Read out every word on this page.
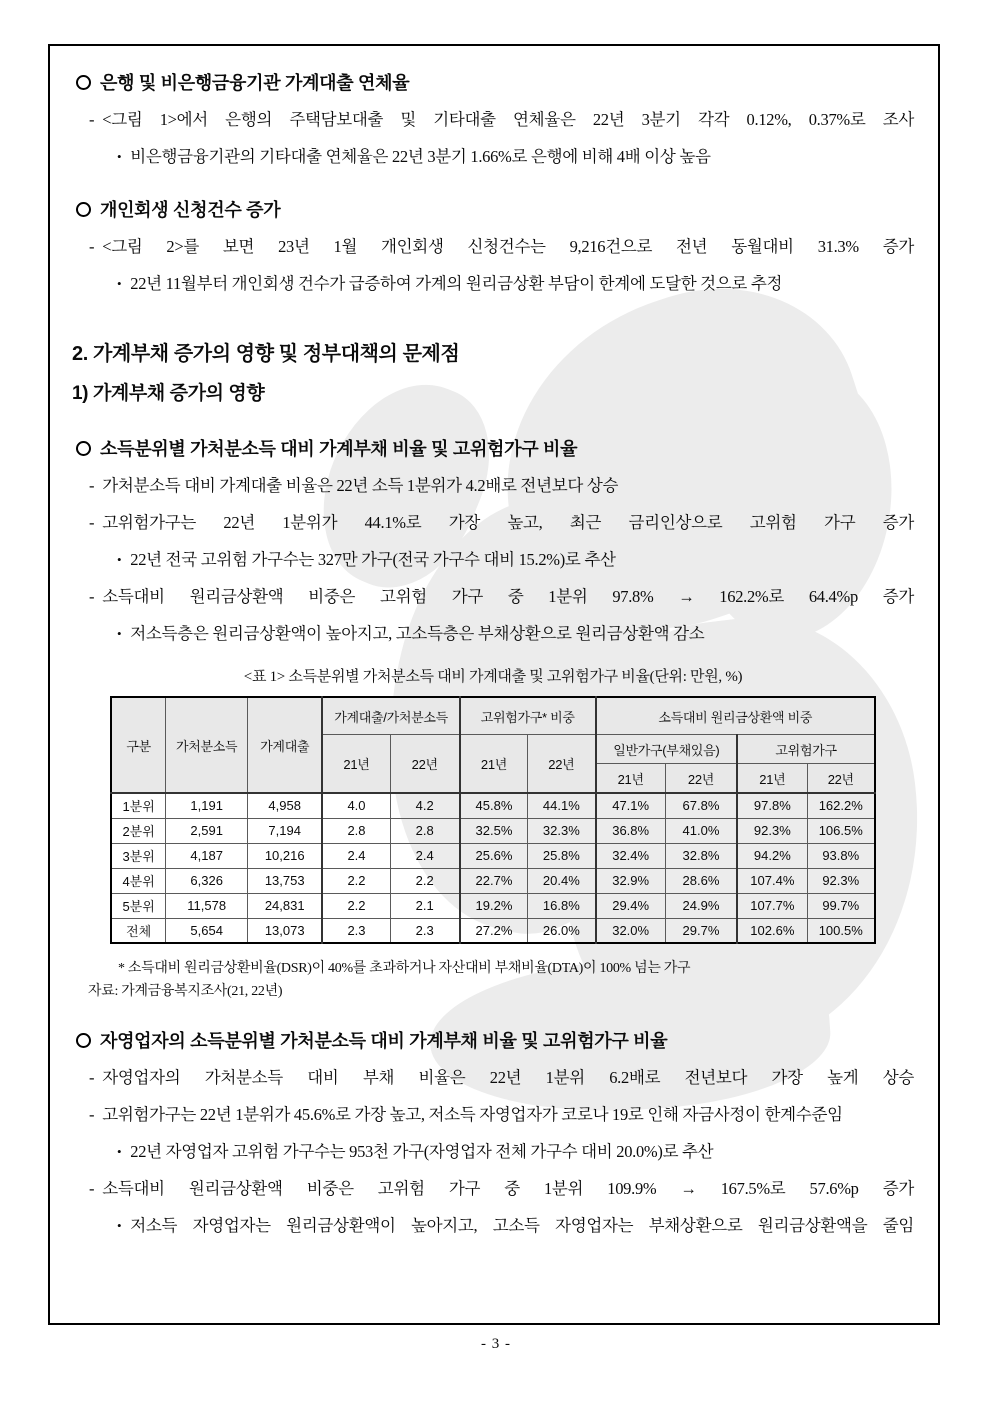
은행 및 비은행금융기관 가계대출 연체율

- <그림 1>에서 은행의 주택담보대출 및 기타대출 연체율은 22년 3분기 각각 0.12%, 0.37%로 조사

• 비은행금융기관의 기타대출 연체율은 22년 3분기 1.66%로 은행에 비해 4배 이상 높음

개인회생 신청건수 증가

- <그림 2>를 보면 23년 1월 개인회생 신청건수는 9,216건으로 전년 동월대비 31.3% 증가

• 22년 11월부터 개인회생 건수가 급증하여 가계의 원리금상환 부담이 한계에 도달한 것으로 추정

2. 가계부채 증가의 영향 및 정부대책의 문제점

1) 가계부채 증가의 영향

소득분위별 가처분소득 대비 가계부채 비율 및 고위험가구 비율

- 가처분소득 대비 가계대출 비율은 22년 소득 1분위가 4.2배로 전년보다 상승

- 고위험가구는 22년 1분위가 44.1%로 가장 높고, 최근 금리인상으로 고위험 가구 증가

• 22년 전국 고위험 가구수는 327만 가구(전국 가구수 대비 15.2%)로 추산

- 소득대비 원리금상환액 비중은 고위험 가구 중 1분위 97.8% → 162.2%로 64.4%p 증가

• 저소득층은 원리금상환액이 높아지고, 고소득층은 부채상환으로 원리금상환액 감소

<표 1> 소득분위별 가처분소득 대비 가계대출 및 고위험가구 비율(단위: 만원, %)

구분	가처분소득	가계대출	가계대출/가처분소득		고위험가구* 비중		소득대비 원리금상환액 비중			
			21년	22년	21년	22년	일반가구(부채있음)		고위험가구	
							21년	22년	21년	22년
1분위	1,191	4,958	4.0	4.2	45.8%	44.1%	47.1%	67.8%	97.8%	162.2%
2분위	2,591	7,194	2.8	2.8	32.5%	32.3%	36.8%	41.0%	92.3%	106.5%
3분위	4,187	10,216	2.4	2.4	25.6%	25.8%	32.4%	32.8%	94.2%	93.8%
4분위	6,326	13,753	2.2	2.2	22.7%	20.4%	32.9%	28.6%	107.4%	92.3%
5분위	11,578	24,831	2.2	2.1	19.2%	16.8%	29.4%	24.9%	107.7%	99.7%
전체	5,654	13,073	2.3	2.3	27.2%	26.0%	32.0%	29.7%	102.6%	100.5%

* 소득대비 원리금상환비율(DSR)이 40%를 초과하거나 자산대비 부채비율(DTA)이 100% 넘는 가구

자료: 가계금융복지조사(21, 22년)

자영업자의 소득분위별 가처분소득 대비 가계부채 비율 및 고위험가구 비율

- 자영업자의 가처분소득 대비 부채 비율은 22년 1분위 6.2배로 전년보다 가장 높게 상승

- 고위험가구는 22년 1분위가 45.6%로 가장 높고, 저소득 자영업자가 코로나 19로 인해 자금사정이 한계수준임

• 22년 자영업자 고위험 가구수는 953천 가구(자영업자 전체 가구수 대비 20.0%)로 추산

- 소득대비 원리금상환액 비중은 고위험 가구 중 1분위 109.9% → 167.5%로 57.6%p 증가

• 저소득 자영업자는 원리금상환액이 높아지고, 고소득 자영업자는 부채상환으로 원리금상환액을 줄임

- 3 -
